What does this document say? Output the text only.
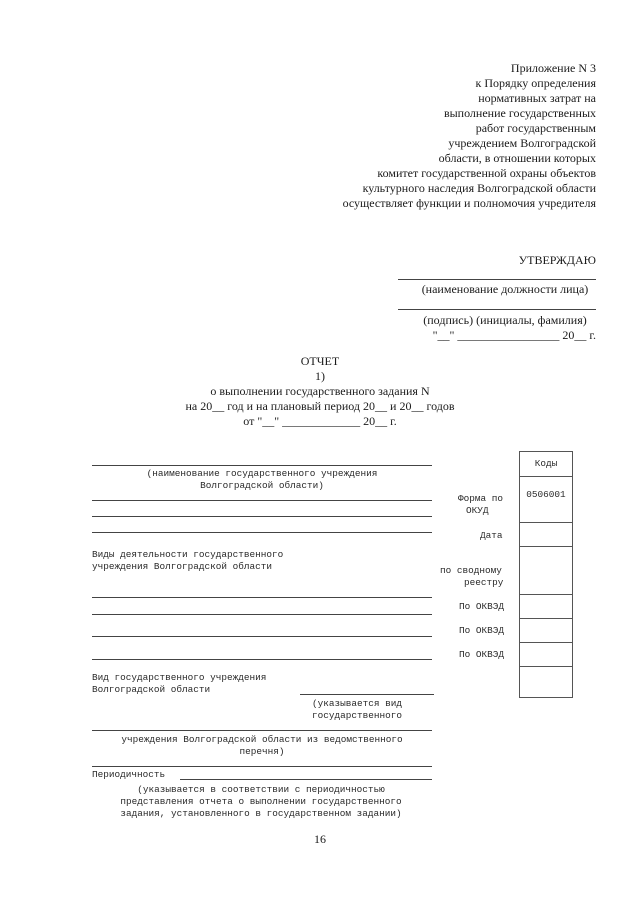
Приложение N 3
к Порядку определения
нормативных затрат на
выполнение государственных
работ государственным
учреждением Волгоградской
области, в отношении которых
комитет государственной охраны объектов
культурного наследия Волгоградской области
осуществляет функции и полномочия учредителя
УТВЕРЖДАЮ
(наименование должности лица)
(подпись) (инициалы, фамилия)
"__" _________________ 20__ г.
ОТЧЕТ
1)
о выполнении государственного задания N
на 20__ год и на плановый период 20__ и 20__ годов
от "__" _____________ 20__ г.
(наименование государственного учреждения
Волгоградской области)
Виды деятельности государственного
учреждения Волгоградской области
Вид государственного учреждения
Волгоградской области
(указывается вид
государственного
учреждения Волгоградской области из ведомственного
перечня)
Периодичность
(указывается в соответствии с периодичностью
представления отчета о выполнении государственного
задания, установленного в государственном задании)
Форма по
ОКУД
Дата
по сводному
реестру
По ОКВЭД
По ОКВЭД
По ОКВЭД
Коды
0506001
16
